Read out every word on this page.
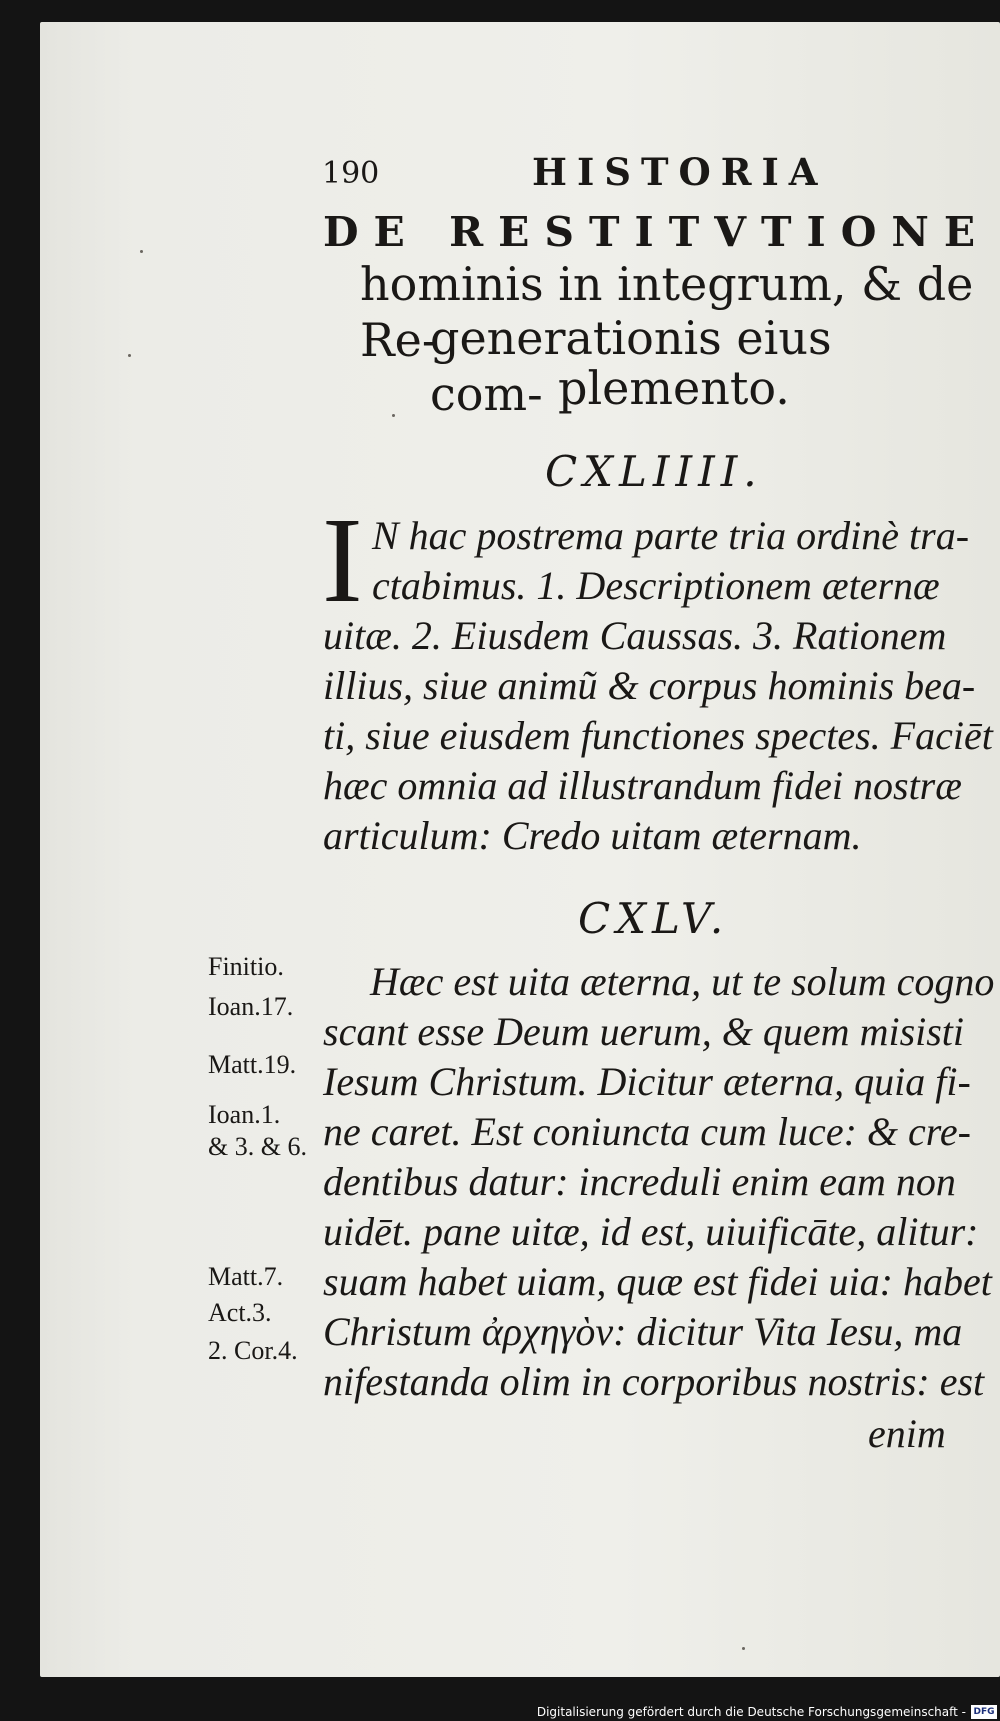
190	HISTORIA
DE RESTITVTIONE
hominis in integrum, & de Re-
generationis eius com- plemento.
CXLIIII.
I N hac postrema parte tria ordinè tra-
ctabimus. 1. Descriptionem æternæ
uitæ. 2. Eiusdem Caussas. 3. Rationem
illius, siue animũ & corpus hominis bea-
ti, siue eiusdem functiones spectes. Faciēt
hæc omnia ad illustrandum fidei nostræ
articulum: Credo uitam æternam.
CXLV.
Hæc est uita æterna, ut te solum cogno
scant esse Deum uerum, & quem misisti
Iesum Christum. Dicitur æterna, quia fi-
ne caret. Est coniuncta cum luce: & cre-
dentibus datur: increduli enim eam non
uidēt. pane uitæ, id est, uiuificāte, alitur:
suam habet uiam, quæ est fidei uia: habet
Christum ἀρχηγὸν: dicitur Vita Iesu, ma
nifestanda olim in corporibus nostris: est
enim
Finitio.
Ioan.17.
Matt.19.
Ioan.1.
& 3. & 6.
Matt.7.
Act.3.
2. Cor.4.
Digitalisierung gefördert durch die Deutsche Forschungsgemeinschaft - DFG
